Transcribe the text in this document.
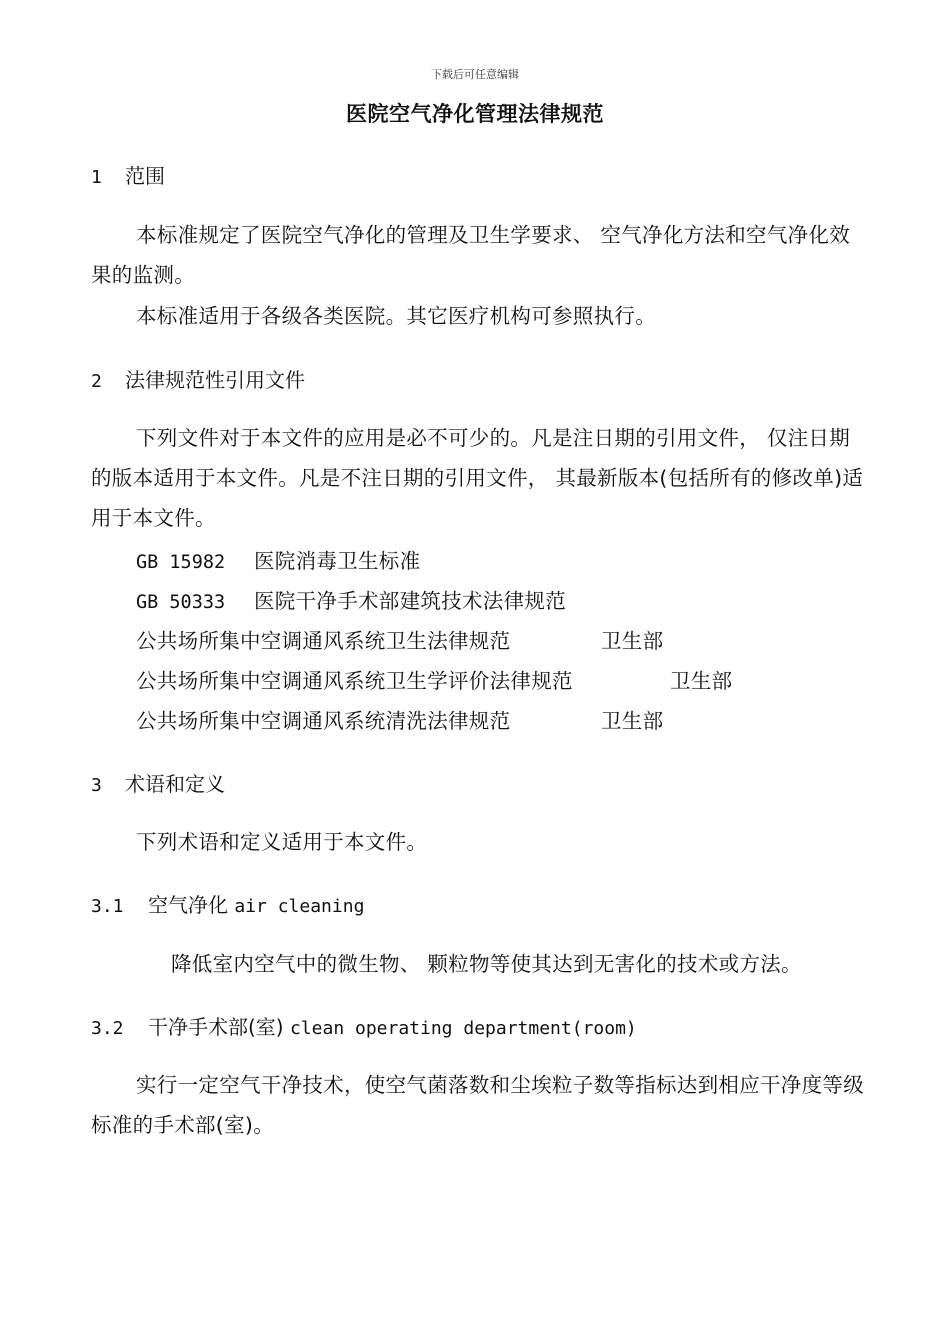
下载后可任意编辑
医院空气净化管理法律规范
1 范围
本标准规定了医院空气净化的管理及卫生学要求、 空气净化方法和空气净化效果的监测。
本标准适用于各级各类医院。其它医疗机构可参照执行。
2 法律规范性引用文件
下列文件对于本文件的应用是必不可少的。凡是注日期的引用文件， 仅注日期的版本适用于本文件。凡是不注日期的引用文件， 其最新版本(包括所有的修改单)适用于本文件。
GB 15982 医院消毒卫生标准
GB 50333 医院干净手术部建筑技术法律规范
公共场所集中空调通风系统卫生法律规范	卫生部
公共场所集中空调通风系统卫生学评价法律规范	卫生部
公共场所集中空调通风系统清洗法律规范	卫生部
3 术语和定义
下列术语和定义适用于本文件。
3.1 空气净化 air cleaning
降低室内空气中的微生物、 颗粒物等使其达到无害化的技术或方法。
3.2 干净手术部(室) clean operating department(room)
实行一定空气干净技术，使空气菌落数和尘埃粒子数等指标达到相应干净度等级标准的手术部(室)。
